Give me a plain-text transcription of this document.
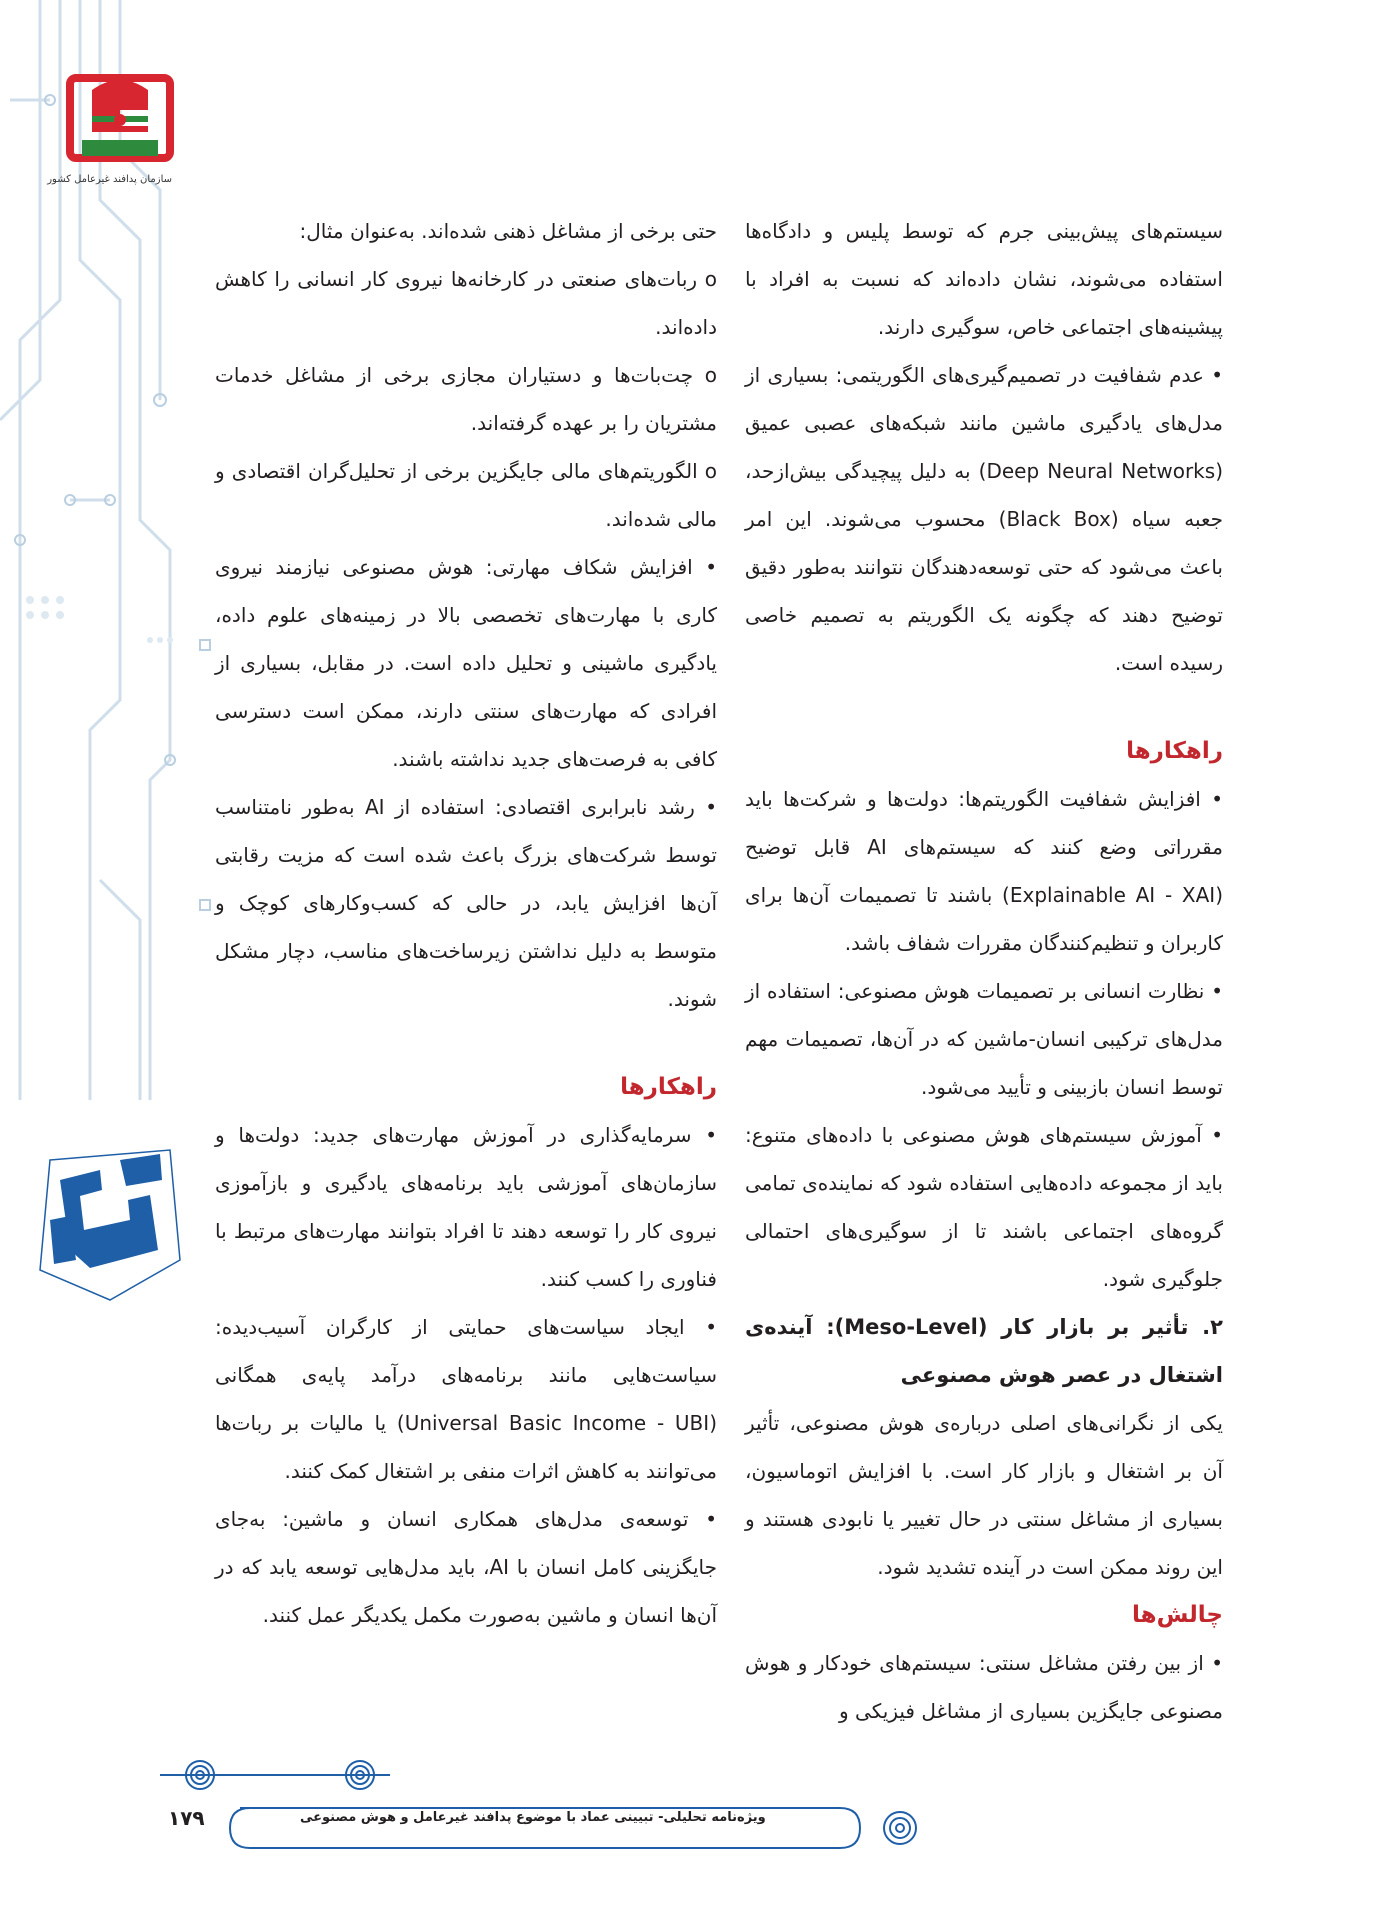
سازمان پدافند غیرعامل کشور

سیستم‌های پیش‌بینی جرم که توسط پلیس و دادگاه‌ها استفاده می‌شوند، نشان داده‌اند که نسبت به افراد با پیشینه‌های اجتماعی خاص، سوگیری دارند.

• عدم شفافیت در تصمیم‌گیری‌های الگوریتمی: بسیاری از مدل‌های یادگیری ماشین مانند شبکه‌های عصبی عمیق (Deep Neural Networks) به دلیل پیچیدگی بیش‌ازحد، جعبه سیاه (Black Box) محسوب می‌شوند. این امر باعث می‌شود که حتی توسعه‌دهندگان نتوانند به‌طور دقیق توضیح دهند که چگونه یک الگوریتم به تصمیم خاصی رسیده است.

راهکارها

• افزایش شفافیت الگوریتم‌ها: دولت‌ها و شرکت‌ها باید مقرراتی وضع کنند که سیستم‌های AI قابل توضیح (Explainable AI - XAI) باشند تا تصمیمات آن‌ها برای کاربران و تنظیم‌کنندگان مقررات شفاف باشد.

• نظارت انسانی بر تصمیمات هوش مصنوعی: استفاده از مدل‌های ترکیبی انسان-ماشین که در آن‌ها، تصمیمات مهم توسط انسان بازبینی و تأیید می‌شود.

• آموزش سیستم‌های هوش مصنوعی با داده‌های متنوع: باید از مجموعه داده‌هایی استفاده شود که نماینده‌ی تمامی گروه‌های اجتماعی باشند تا از سوگیری‌های احتمالی جلوگیری شود.

۲. تأثیر بر بازار کار (Meso-Level): آینده‌ی اشتغال در عصر هوش مصنوعی

یکی از نگرانی‌های اصلی درباره‌ی هوش مصنوعی، تأثیر آن بر اشتغال و بازار کار است. با افزایش اتوماسیون، بسیاری از مشاغل سنتی در حال تغییر یا نابودی هستند و این روند ممکن است در آینده تشدید شود.

چالش‌ها

• از بین رفتن مشاغل سنتی: سیستم‌های خودکار و هوش مصنوعی جایگزین بسیاری از مشاغل فیزیکی و

حتی برخی از مشاغل ذهنی شده‌اند. به‌عنوان مثال:

o ربات‌های صنعتی در کارخانه‌ها نیروی کار انسانی را کاهش داده‌اند.

o چت‌بات‌ها و دستیاران مجازی برخی از مشاغل خدمات مشتریان را بر عهده گرفته‌اند.

o الگوریتم‌های مالی جایگزین برخی از تحلیل‌گران اقتصادی و مالی شده‌اند.

• افزایش شکاف مهارتی: هوش مصنوعی نیازمند نیروی کاری با مهارت‌های تخصصی بالا در زمینه‌های علوم داده، یادگیری ماشینی و تحلیل داده است. در مقابل، بسیاری از افرادی که مهارت‌های سنتی دارند، ممکن است دسترسی کافی به فرصت‌های جدید نداشته باشند.

• رشد نابرابری اقتصادی: استفاده از AI به‌طور نامتناسب توسط شرکت‌های بزرگ باعث شده است که مزیت رقابتی آن‌ها افزایش یابد، در حالی که کسب‌وکارهای کوچک و متوسط به دلیل نداشتن زیرساخت‌های مناسب، دچار مشکل شوند.

راهکارها

• سرمایه‌گذاری در آموزش مهارت‌های جدید: دولت‌ها و سازمان‌های آموزشی باید برنامه‌های یادگیری و بازآموزی نیروی کار را توسعه دهند تا افراد بتوانند مهارت‌های مرتبط با فناوری را کسب کنند.

• ایجاد سیاست‌های حمایتی از کارگران آسیب‌دیده: سیاست‌هایی مانند برنامه‌های درآمد پایه‌ی همگانی (Universal Basic Income - UBI) یا مالیات بر ربات‌ها می‌توانند به کاهش اثرات منفی بر اشتغال کمک کنند.

• توسعه‌ی مدل‌های همکاری انسان و ماشین: به‌جای جایگزینی کامل انسان با AI، باید مدل‌هایی توسعه یابد که در آن‌ها انسان و ماشین به‌صورت مکمل یکدیگر عمل کنند.

ویژه‌نامه تحلیلی- تبیینی عماد با موضوع پدافند غیرعامل و هوش مصنوعی
۱۷۹
